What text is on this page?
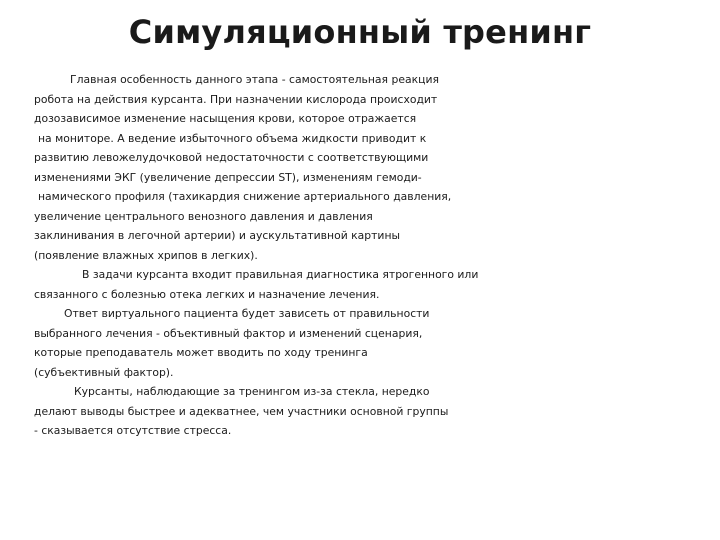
Симуляционный тренинг
Главная особенность данного этапа - самостоятельная реакция
робота на действия курсанта. При назначении кислорода происходит
дозозависимое изменение насыщения крови, которое отражается
на мониторе. А ведение избыточного объема жидкости приводит к
развитию левожелудочковой недостаточности с соответствующими
изменениями ЭКГ (увеличение депрессии ST), изменениям гемоди-
намического профиля (тахикардия снижение артериального давления,
увеличение центрального венозного давления и давления
заклинивания в легочной артерии) и аускультативной картины
(появление влажных хрипов в легких).
В задачи курсанта входит правильная диагностика ятрогенного или
связанного с болезнью отека легких и назначение лечения.
Ответ виртуального пациента будет зависеть от правильности
выбранного лечения - объективный фактор и изменений сценария,
которые преподаватель может вводить по ходу тренинга
(субъективный фактор).
Курсанты, наблюдающие за тренингом из-за стекла, нередко
делают выводы быстрее и адекватнее, чем участники основной группы
- сказывается отсутствие стресса.
